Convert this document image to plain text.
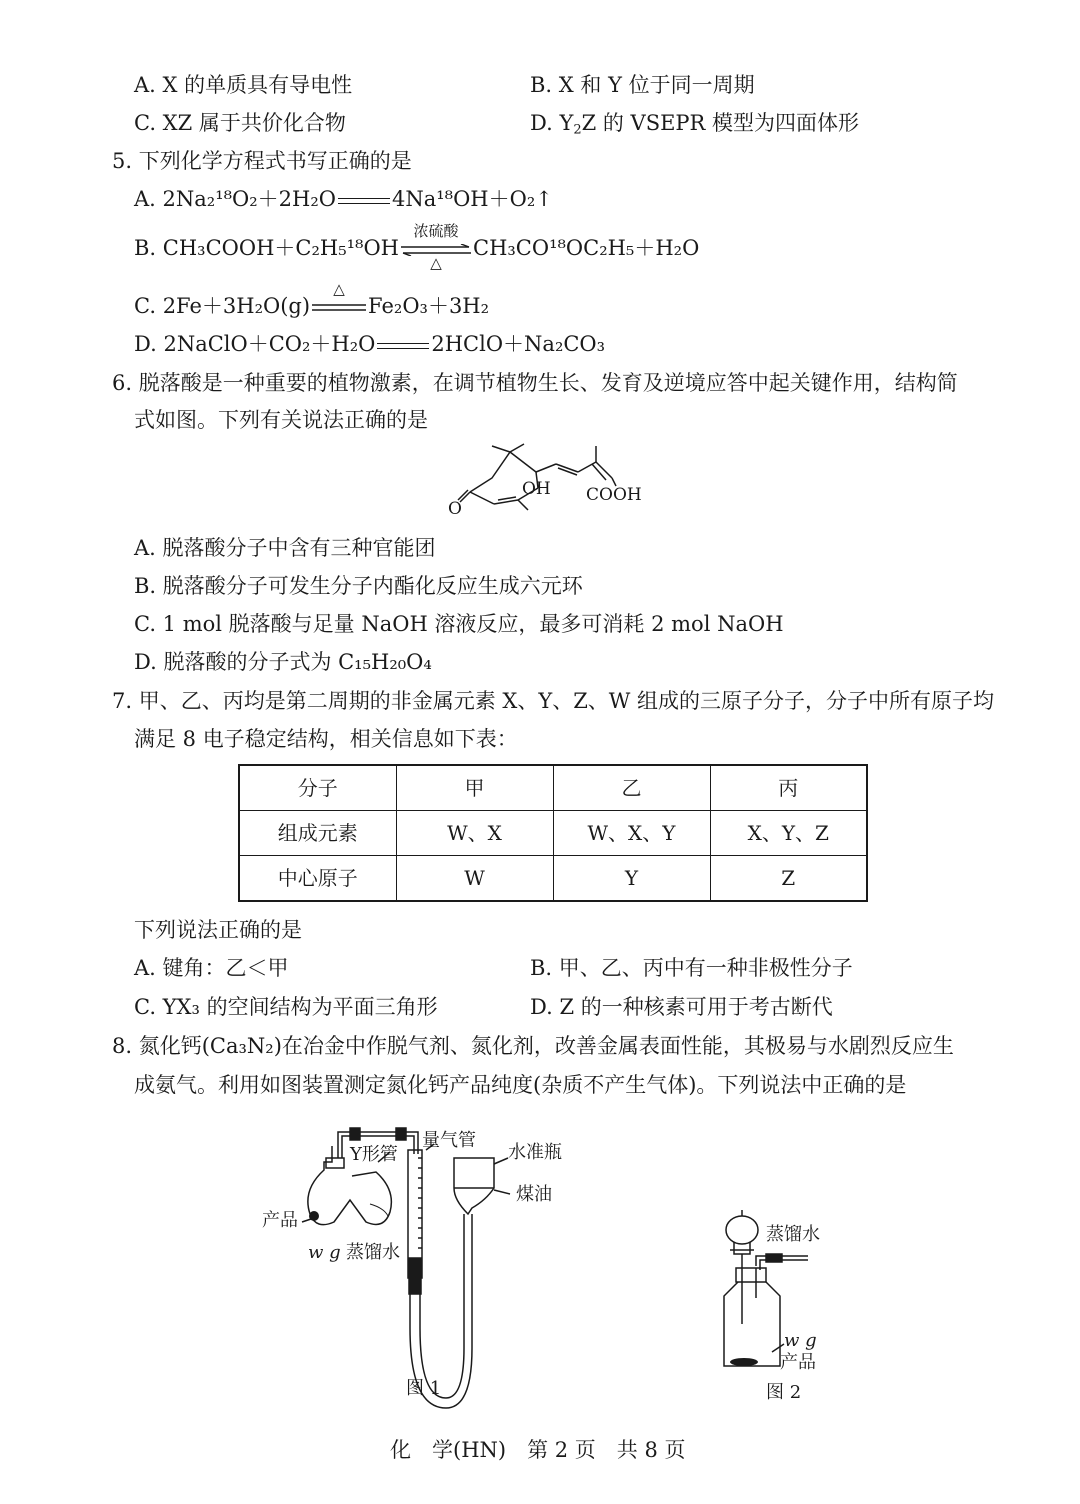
A. X 的单质具有导电性	B. X 和 Y 位于同一周期
C. XZ 属于共价化合物	D. $Y_2Z$ 的 VSEPR 模型为四面体形
5. 下列化学方程式书写正确的是
A. 2Na₂¹⁸O₂＋2H₂O	4Na¹⁸OH＋O₂↑
B. CH₃COOH＋C₂H₅¹⁸OH
浓硫酸
△
CH₃CO¹⁸OC₂H₅＋H₂O
C. 2Fe＋3H₂O(g)
△
Fe₂O₃＋3H₂
D. 2NaClO＋CO₂＋H₂O	2HClO＋Na₂CO₃
6. 脱落酸是一种重要的植物激素，在调节植物生长、发育及逆境应答中起关键作用，结构简
式如图。下列有关说法正确的是
OH COOH
O
A. 脱落酸分子中含有三种官能团
B. 脱落酸分子可发生分子内酯化反应生成六元环
C. 1 mol 脱落酸与足量 NaOH 溶液反应，最多可消耗 2 mol NaOH
D. 脱落酸的分子式为 C₁₅H₂₀O₄
7. 甲、乙、丙均是第二周期的非金属元素 X、Y、Z、W 组成的三原子分子，分子中所有原子均
满足 8 电子稳定结构，相关信息如下表：
分子	甲	乙	丙
组成元素	W、X	W、X、Y	X、Y、Z
中心原子	W	Y	Z
下列说法正确的是
A. 键角：乙＜甲	B. 甲、乙、丙中有一种非极性分子
C. YX₃ 的空间结构为平面三角形	D. Z 的一种核素可用于考古断代
8. 氮化钙(Ca₃N₂)在冶金中作脱气剂、氮化剂，改善金属表面性能，其极易与水剧烈反应生
成氨气。利用如图装置测定氮化钙产品纯度(杂质不产生气体)。下列说法中正确的是
Y形管
量气管
水准瓶
煤油
产品
w g 蒸馏水
图 1
蒸馏水
w g
产品
图 2
化　学(HN)　第 2 页　共 8 页
